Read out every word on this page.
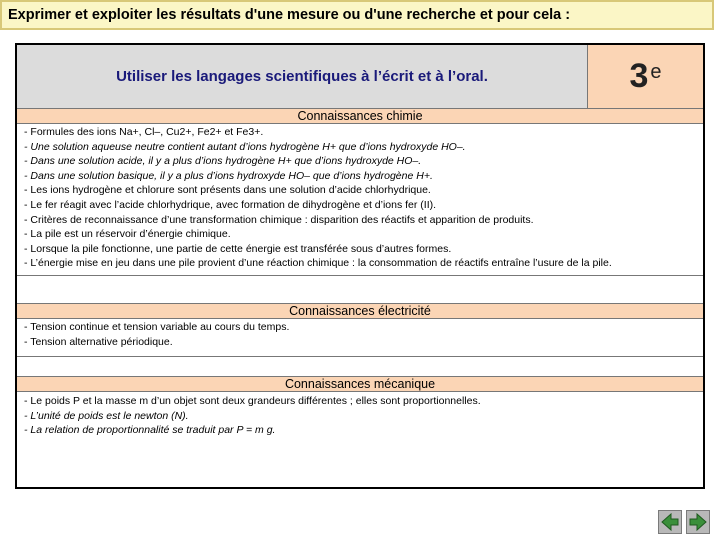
Exprimer et exploiter les résultats d'une mesure ou d'une recherche et pour cela :
Utiliser les langages scientifiques à l’écrit et à l’oral.	3e
Connaissances chimie
- Formules des ions Na+, Cl–, Cu2+, Fe2+ et Fe3+.
- Une solution aqueuse neutre contient autant d’ions hydrogène H+ que d’ions hydroxyde HO–.
- Dans une solution acide, il y a plus d’ions hydrogène H+ que d’ions hydroxyde HO–.
- Dans une solution basique, il y a plus d’ions hydroxyde HO– que d’ions hydrogène H+.
- Les ions hydrogène et chlorure sont présents dans une solution d’acide chlorhydrique.
- Le fer réagit avec l’acide chlorhydrique, avec formation de dihydrogène et d’ions fer (II).
- Critères de reconnaissance d’une transformation chimique : disparition des réactifs et apparition de produits.
- La pile est un réservoir d’énergie chimique.
- Lorsque la pile fonctionne, une partie de cette énergie est transférée sous d’autres formes.
- L’énergie mise en jeu dans une pile provient d’une réaction chimique : la consommation de réactifs entraîne l’usure de la pile.
Connaissances électricité
- Tension continue et tension variable au cours du temps.
- Tension alternative périodique.
Connaissances mécanique
- Le poids P et la masse m d’un objet sont deux grandeurs différentes ; elles sont proportionnelles.
- L’unité de poids est le newton (N).
- La relation de proportionnalité se traduit par P = m g.
